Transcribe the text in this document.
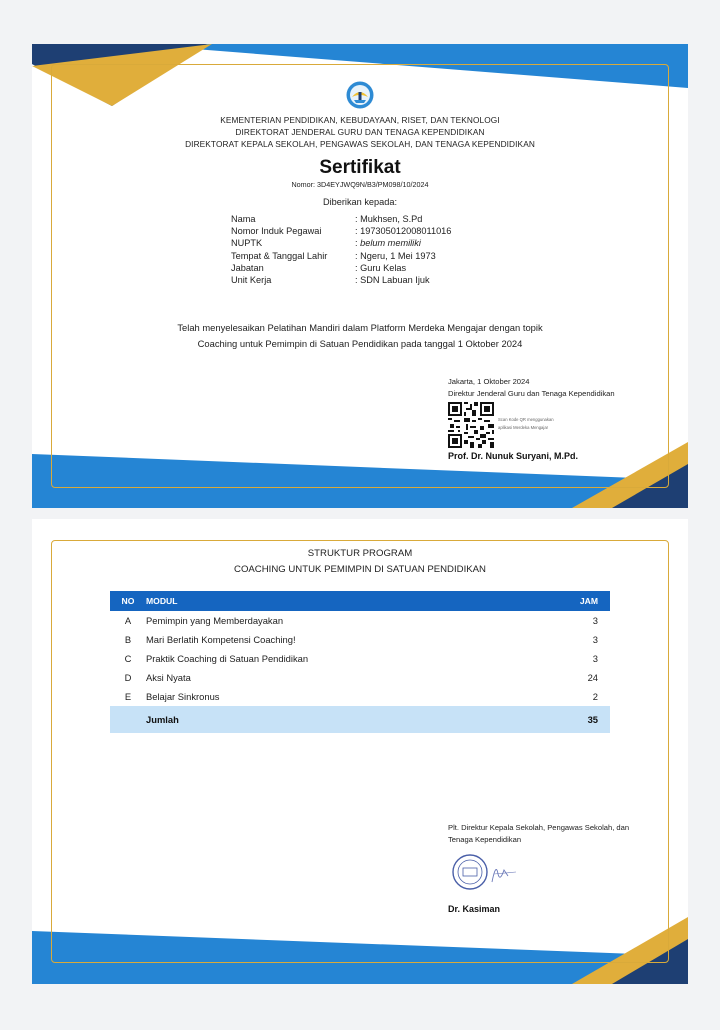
KEMENTERIAN PENDIDIKAN, KEBUDAYAAN, RISET, DAN TEKNOLOGI
DIREKTORAT JENDERAL GURU DAN TENAGA KEPENDIDIKAN
DIREKTORAT KEPALA SEKOLAH, PENGAWAS SEKOLAH, DAN TENAGA KEPENDIDIKAN
Sertifikat
Nomor: 3D4EYJWQ9N/B3/PM098/10/2024
Diberikan kepada:
Nama	: Mukhsen, S.Pd
Nomor Induk Pegawai	: 197305012008011016
NUPTK	: belum memiliki
Tempat & Tanggal Lahir	: Ngeru, 1 Mei 1973
Jabatan	: Guru Kelas
Unit Kerja	: SDN Labuan Ijuk
Telah menyelesaikan Pelatihan Mandiri dalam Platform Merdeka Mengajar dengan topik
Coaching untuk Pemimpin di Satuan Pendidikan pada tanggal 1 Oktober 2024
Jakarta, 1 Oktober 2024
Direktur Jenderal Guru dan Tenaga Kependidikan
Scan Kode QR menggunakan
aplikasi Merdeka Mengajar
Prof. Dr. Nunuk Suryani, M.Pd.
STRUKTUR PROGRAM
COACHING UNTUK PEMIMPIN DI SATUAN PENDIDIKAN
NO	MODUL	JAM
A	Pemimpin yang Memberdayakan	3
B	Mari Berlatih Kompetensi Coaching!	3
C	Praktik Coaching di Satuan Pendidikan	3
D	Aksi Nyata	24
E	Belajar Sinkronus	2
	Jumlah	35
Plt. Direktur Kepala Sekolah, Pengawas Sekolah, dan
Tenaga Kependidikan
Dr. Kasiman
